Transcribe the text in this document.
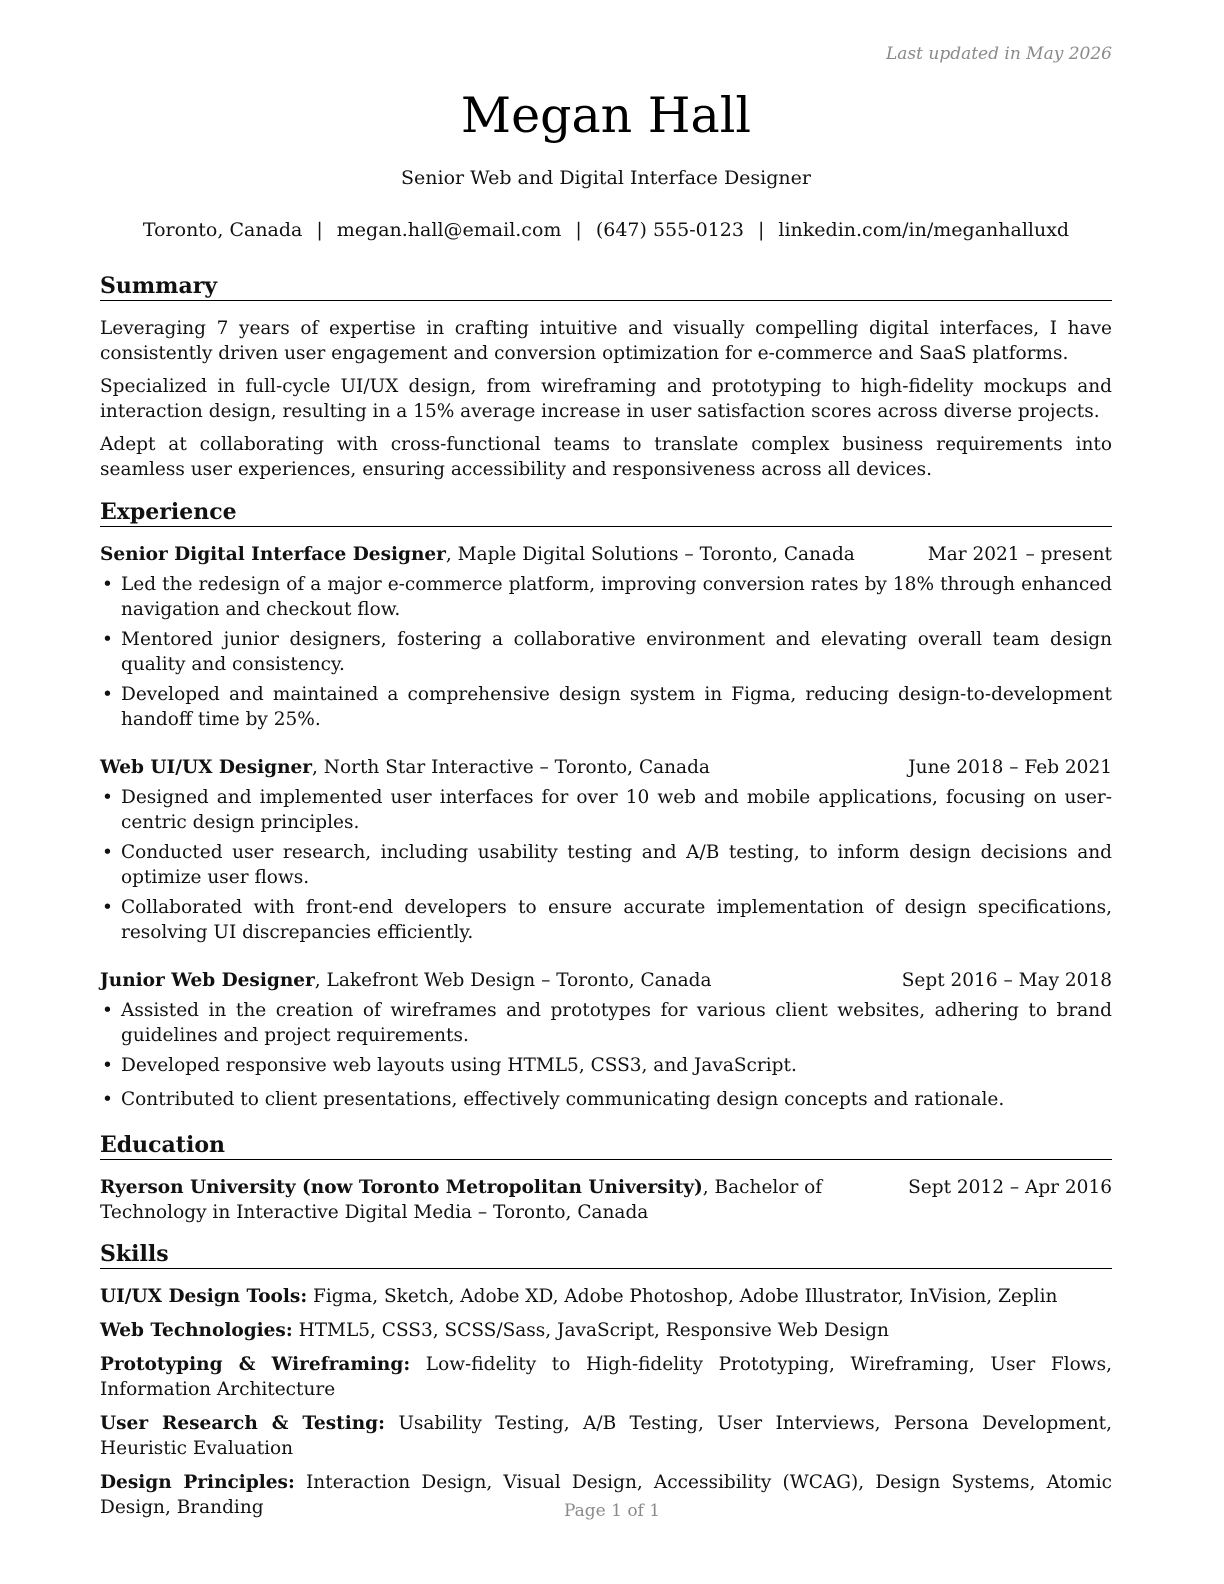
Last updated in May 2026
Megan Hall
Senior Web and Digital Interface Designer
Toronto, Canada | megan.hall@email.com | (647) 555-0123 | linkedin.com/in/meganhalluxd
Summary

Leveraging 7 years of expertise in crafting intuitive and visually compelling digital interfaces, I have consistently driven user engagement and conversion optimization for e-commerce and SaaS platforms.

Specialized in full-cycle UI/UX design, from wireframing and prototyping to high-fidelity mockups and interaction design, resulting in a 15% average increase in user satisfaction scores across diverse projects.

Adept at collaborating with cross-functional teams to translate complex business requirements into seamless user experiences, ensuring accessibility and responsiveness across all devices.

Experience
Senior Digital Interface Designer, Maple Digital Solutions – Toronto, Canada	Mar 2021 – present
• Led the redesign of a major e-commerce platform, improving conversion rates by 18% through enhanced navigation and checkout flow.
• Mentored junior designers, fostering a collaborative environment and elevating overall team design quality and consistency.
• Developed and maintained a comprehensive design system in Figma, reducing design-to-development handoff time by 25%.
Web UI/UX Designer, North Star Interactive – Toronto, Canada	June 2018 – Feb 2021
• Designed and implemented user interfaces for over 10 web and mobile applications, focusing on user-centric design principles.
• Conducted user research, including usability testing and A/B testing, to inform design decisions and optimize user flows.
• Collaborated with front-end developers to ensure accurate implementation of design specifications, resolving UI discrepancies efficiently.
Junior Web Designer, Lakefront Web Design – Toronto, Canada	Sept 2016 – May 2018
• Assisted in the creation of wireframes and prototypes for various client websites, adhering to brand guidelines and project requirements.
• Developed responsive web layouts using HTML5, CSS3, and JavaScript.
• Contributed to client presentations, effectively communicating design concepts and rationale.
Education
Ryerson University (now Toronto Metropolitan University), Bachelor of Technology in Interactive Digital Media – Toronto, Canada
Sept 2012 – Apr 2016
Skills
UI/UX Design Tools: Figma, Sketch, Adobe XD, Adobe Photoshop, Adobe Illustrator, InVision, Zeplin
Web Technologies: HTML5, CSS3, SCSS/Sass, JavaScript, Responsive Web Design
Prototyping & Wireframing: Low-fidelity to High-fidelity Prototyping, Wireframing, User Flows, Information Architecture
User Research & Testing: Usability Testing, A/B Testing, User Interviews, Persona Development, Heuristic Evaluation
Design Principles: Interaction Design, Visual Design, Accessibility (WCAG), Design Systems, Atomic Design, Branding	Page 1 of 1
